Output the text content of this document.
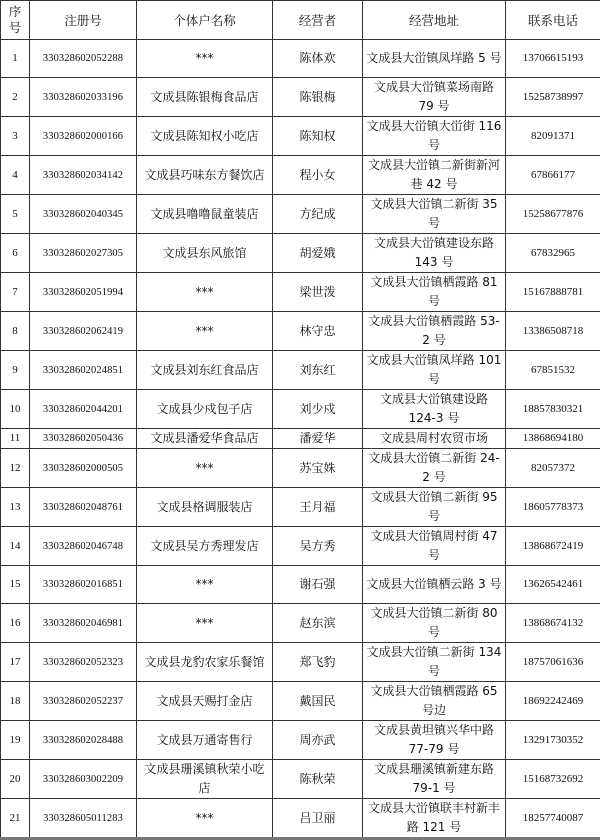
序号	注册号	个体户名称	经营者	经营地址	联系电话
1	330328602052288	***	陈体欢	文成县大峃镇凤垟路 5 号	13706615193
2	330328602033196	文成县陈银梅食品店	陈银梅	文成县大峃镇菜场南路 79 号	15258738997
3	330328602000166	文成县陈知权小吃店	陈知权	文成县大峃镇大峃街 116 号	82091371
4	330328602034142	文成县巧味东方餐饮店	程小女	文成县大峃镇二新街新河巷 42 号	67866177
5	330328602040345	文成县噜噜鼠童装店	方纪成	文成县大峃镇二新街 35 号	15258677876
6	330328602027305	文成县东风旅馆	胡爱娥	文成县大峃镇建设东路 143 号	67832965
7	330328602051994	***	梁世泼	文成县大峃镇栖霞路 81 号	15167888781
8	330328602062419	***	林守忠	文成县大峃镇栖霞路 53-2 号	13386508718
9	330328602024851	文成县刘东红食品店	刘东红	文成县大峃镇凤垟路 101 号	67851532
10	330328602044201	文成县少戍包子店	刘少戍	文成县大峃镇建设路 124-3 号	18857830321
11	330328602050436	文成县潘爱华食品店	潘爱华	文成县周村农贸市场	13868694180
12	330328602000505	***	苏宝姝	文成县大峃镇二新街 24-2 号	82057372
13	330328602048761	文成县格调服装店	王月福	文成县大峃镇二新街 95 号	18605778373
14	330328602046748	文成县吴方秀理发店	吴方秀	文成县大峃镇周村街 47 号	13868672419
15	330328602016851	***	谢石强	文成县大峃镇栖云路 3 号	13626542461
16	330328602046981	***	赵东滨	文成县大峃镇二新街 80 号	13868674132
17	330328602052323	文成县龙豹农家乐餐馆	郑飞豹	文成县大峃镇二新街 134 号	18757061636
18	330328602052237	文成县天赐打金店	戴国民	文成县大峃镇栖霞路 65 号边	18692242469
19	330328602028488	文成县万通寄售行	周亦武	文成县黄坦镇兴华中路 77-79 号	13291730352
20	330328603002209	文成县珊溪镇秋荣小吃店	陈秋荣	文成县珊溪镇新建东路 79-1 号	15168732692
21	330328605011283	***	吕卫丽	文成县大峃镇联丰村新丰路 121 号	18257740087
